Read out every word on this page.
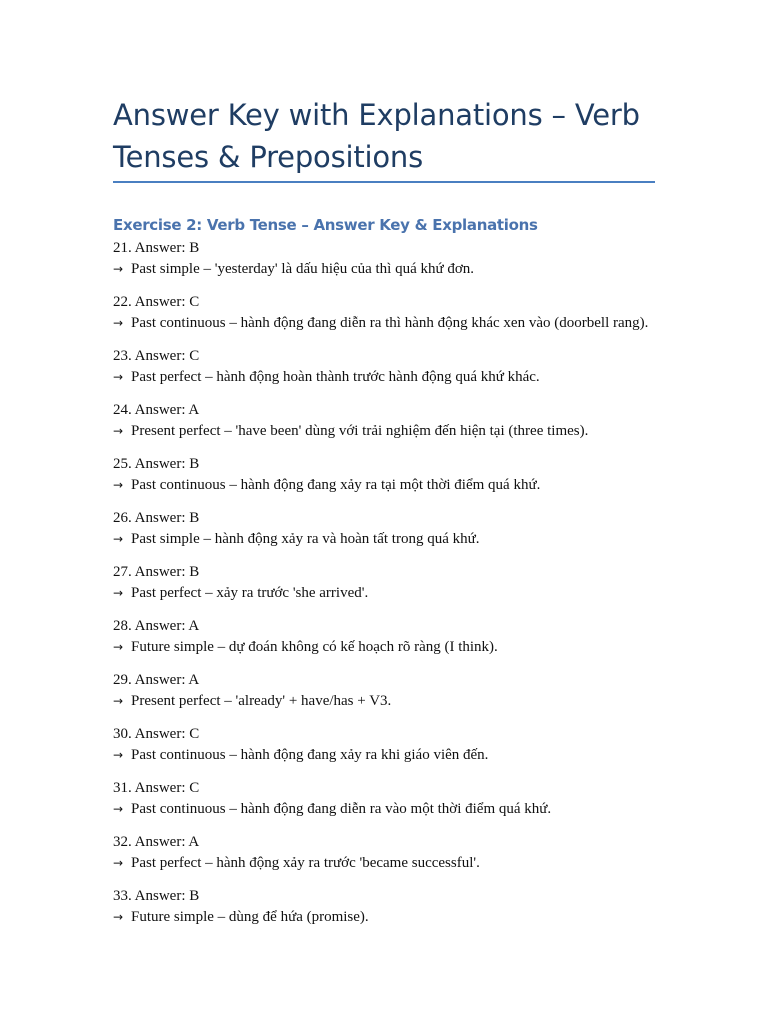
Answer Key with Explanations – Verb Tenses & Prepositions
Exercise 2: Verb Tense – Answer Key & Explanations
21. Answer: B
→ Past simple – 'yesterday' là dấu hiệu của thì quá khứ đơn.
22. Answer: C
→ Past continuous – hành động đang diễn ra thì hành động khác xen vào (doorbell rang).
23. Answer: C
→ Past perfect – hành động hoàn thành trước hành động quá khứ khác.
24. Answer: A
→ Present perfect – 'have been' dùng với trải nghiệm đến hiện tại (three times).
25. Answer: B
→ Past continuous – hành động đang xảy ra tại một thời điểm quá khứ.
26. Answer: B
→ Past simple – hành động xảy ra và hoàn tất trong quá khứ.
27. Answer: B
→ Past perfect – xảy ra trước 'she arrived'.
28. Answer: A
→ Future simple – dự đoán không có kế hoạch rõ ràng (I think).
29. Answer: A
→ Present perfect – 'already' + have/has + V3.
30. Answer: C
→ Past continuous – hành động đang xảy ra khi giáo viên đến.
31. Answer: C
→ Past continuous – hành động đang diễn ra vào một thời điểm quá khứ.
32. Answer: A
→ Past perfect – hành động xảy ra trước 'became successful'.
33. Answer: B
→ Future simple – dùng để hứa (promise).
